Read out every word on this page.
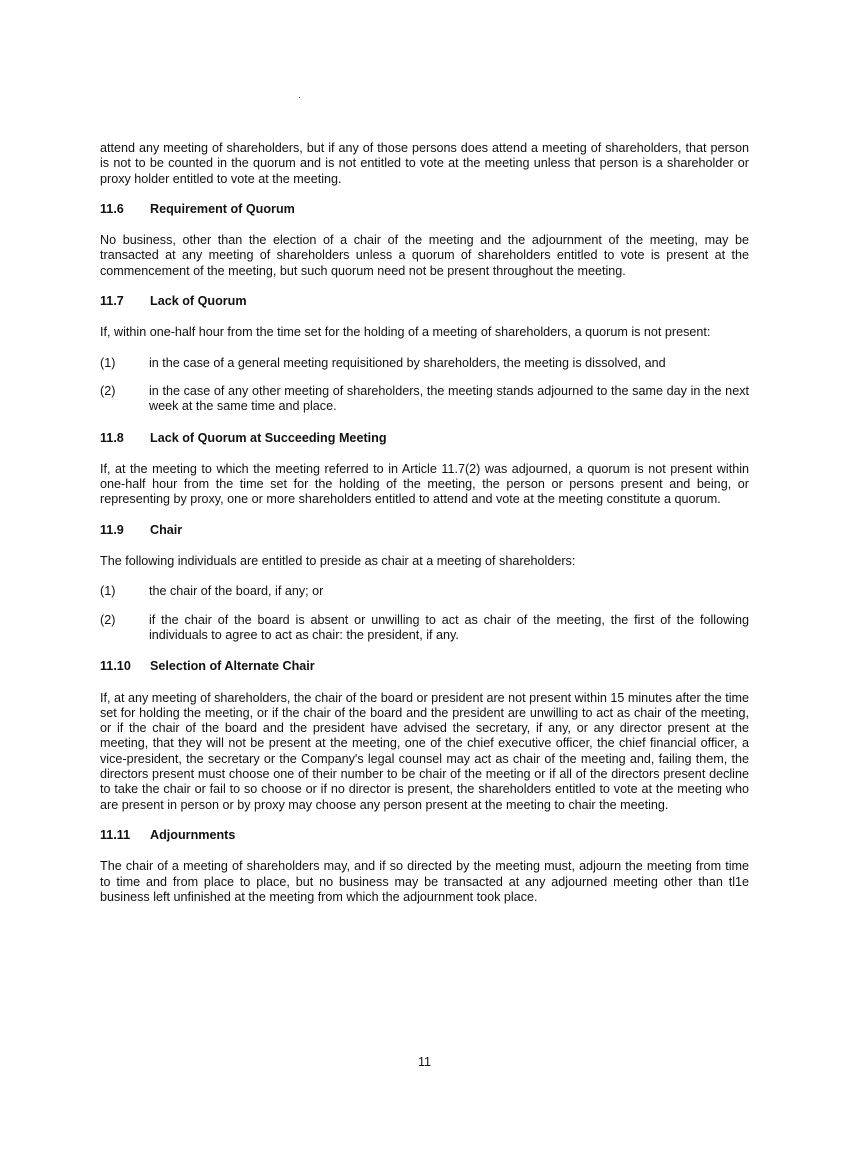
attend any meeting of shareholders, but if any of those persons does attend a meeting of shareholders, that person is not to be counted in the quorum and is not entitled to vote at the meeting unless that person is a shareholder or proxy holder entitled to vote at the meeting.

11.6	Requirement of Quorum

No business, other than the election of a chair of the meeting and the adjournment of the meeting, may be transacted at any meeting of shareholders unless a quorum of shareholders entitled to vote is present at the commencement of the meeting, but such quorum need not be present throughout the meeting.

11.7	Lack of Quorum

If, within one-half hour from the time set for the holding of a meeting of shareholders, a quorum is not present:

(1)	in the case of a general meeting requisitioned by shareholders, the meeting is dissolved, and

(2)	in the case of any other meeting of shareholders, the meeting stands adjourned to the same day in the next week at the same time and place.

11.8	Lack of Quorum at Succeeding Meeting

If, at the meeting to which the meeting referred to in Article 11.7(2) was adjourned, a quorum is not present within one-half hour from the time set for the holding of the meeting, the person or persons present and being, or representing by proxy, one or more shareholders entitled to attend and vote at the meeting constitute a quorum.

11.9	Chair

The following individuals are entitled to preside as chair at a meeting of shareholders:

(1)	the chair of the board, if any; or

(2)	if the chair of the board is absent or unwilling to act as chair of the meeting, the first of the following individuals to agree to act as chair: the president, if any.

11.10	Selection of Alternate Chair

If, at any meeting of shareholders, the chair of the board or president are not present within 15 minutes after the time set for holding the meeting, or if the chair of the board and the president are unwilling to act as chair of the meeting, or if the chair of the board and the president have advised the secretary, if any, or any director present at the meeting, that they will not be present at the meeting, one of the chief executive officer, the chief financial officer, a vice-president, the secretary or the Company's legal counsel may act as chair of the meeting and, failing them, the directors present must choose one of their number to be chair of the meeting or if all of the directors present decline to take the chair or fail to so choose or if no director is present, the shareholders entitled to vote at the meeting who are present in person or by proxy may choose any person present at the meeting to chair the meeting.

11.11	Adjournments

The chair of a meeting of shareholders may, and if so directed by the meeting must, adjourn the meeting from time to time and from place to place, but no business may be transacted at any adjourned meeting other than tl1e business left unfinished at the meeting from which the adjournment took place.

11
